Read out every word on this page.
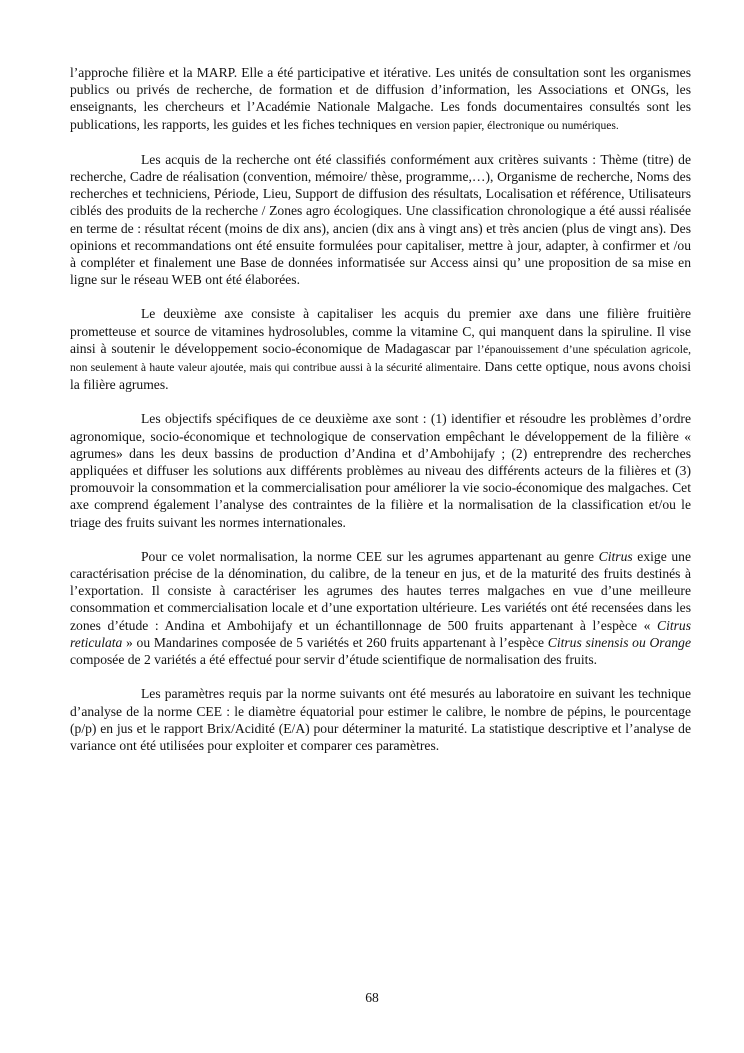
l’approche filière et la MARP. Elle a été participative et itérative. Les unités de consultation sont les organismes publics ou privés de recherche, de formation et de diffusion d’information, les Associations et ONGs, les enseignants, les chercheurs et l’Académie Nationale Malgache. Les fonds documentaires consultés sont les publications, les rapports, les guides et les fiches techniques en version papier, électronique ou numériques.

Les acquis de la recherche ont été classifiés conformément aux critères suivants : Thème (titre) de recherche, Cadre de réalisation (convention, mémoire/ thèse, programme,…), Organisme de recherche, Noms des recherches et techniciens, Période, Lieu, Support de diffusion des résultats, Localisation et référence, Utilisateurs ciblés des produits de la recherche / Zones agro écologiques. Une classification chronologique a été aussi réalisée en terme de : résultat récent (moins de dix ans), ancien (dix ans à vingt ans) et très ancien (plus de vingt ans). Des opinions et recommandations ont été ensuite formulées pour capitaliser, mettre à jour, adapter, à confirmer et /ou à compléter et finalement une Base de données informatisée sur Access ainsi qu’ une proposition de sa mise en ligne sur le réseau WEB ont été élaborées.

Le deuxième axe consiste à capitaliser les acquis du premier axe dans une filière fruitière prometteuse et source de vitamines hydrosolubles, comme la vitamine C, qui manquent dans la spiruline. Il vise ainsi à soutenir le développement socio-économique de Madagascar par l’épanouissement d’une spéculation agricole, non seulement à haute valeur ajoutée, mais qui contribue aussi à la sécurité alimentaire. Dans cette optique, nous avons choisi la filière agrumes.

Les objectifs spécifiques de ce deuxième axe sont : (1) identifier et résoudre les problèmes d’ordre agronomique, socio-économique et technologique de conservation empêchant le développement de la filière « agrumes» dans les deux bassins de production d’Andina et d’Ambohijafy ; (2) entreprendre des recherches appliquées et diffuser les solutions aux différents problèmes au niveau des différents acteurs de la filières et (3) promouvoir la consommation et la commercialisation pour améliorer la vie socio-économique des malgaches. Cet axe comprend également l’analyse des contraintes de la filière et la normalisation de la classification et/ou le triage des fruits suivant les normes internationales.

Pour ce volet normalisation, la norme CEE sur les agrumes appartenant au genre Citrus exige une caractérisation précise de la dénomination, du calibre, de la teneur en jus, et de la maturité des fruits destinés à l’exportation. Il consiste à caractériser les agrumes des hautes terres malgaches en vue d’une meilleure consommation et commercialisation locale et d’une exportation ultérieure. Les variétés ont été recensées dans les zones d’étude : Andina et Ambohijafy et un échantillonnage de 500 fruits appartenant à l’espèce « Citrus reticulata » ou Mandarines composée de 5 variétés et 260 fruits appartenant à l’espèce Citrus sinensis ou Orange composée de 2 variétés a été effectué pour servir d’étude scientifique de normalisation des fruits.

Les paramètres requis par la norme suivants ont été mesurés au laboratoire en suivant les technique d’analyse de la norme CEE : le diamètre équatorial pour estimer le calibre, le nombre de pépins, le pourcentage (p/p) en jus et le rapport Brix/Acidité (E/A) pour déterminer la maturité. La statistique descriptive et l’analyse de variance ont été utilisées pour exploiter et comparer ces paramètres.

68
